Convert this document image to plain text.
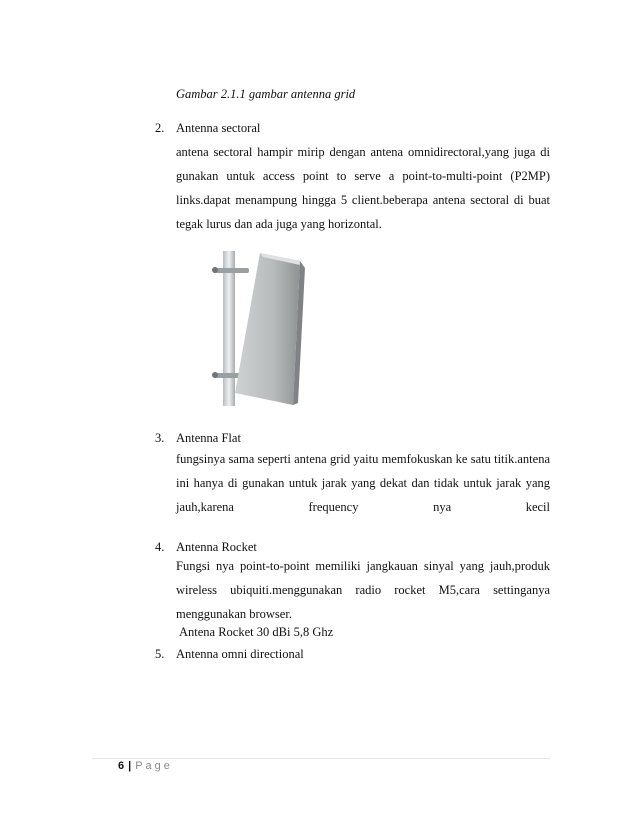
Gambar 2.1.1 gambar antenna grid
2. Antenna sectoral
antena sectoral hampir mirip dengan antena omnidirectoral,yang juga di
gunakan untuk access point to serve a point-to-multi-point (P2MP)
links.dapat menampung hingga 5 client.beberapa antena sectoral di buat
tegak lurus dan ada juga yang horizontal.
3. Antenna Flat
fungsinya sama seperti antena grid yaitu memfokuskan ke satu titik.antena
ini hanya di gunakan untuk jarak yang dekat dan tidak untuk jarak yang
jauh,karena	frequency	nya	kecil
4. Antenna Rocket
Fungsi nya point-to-point memiliki jangkauan sinyal yang jauh,produk
wireless ubiquiti.menggunakan radio rocket M5,cara settinganya
menggunakan browser.
Antena Rocket 30 dBi 5,8 Ghz
5. Antenna omni directional
6 | Page
